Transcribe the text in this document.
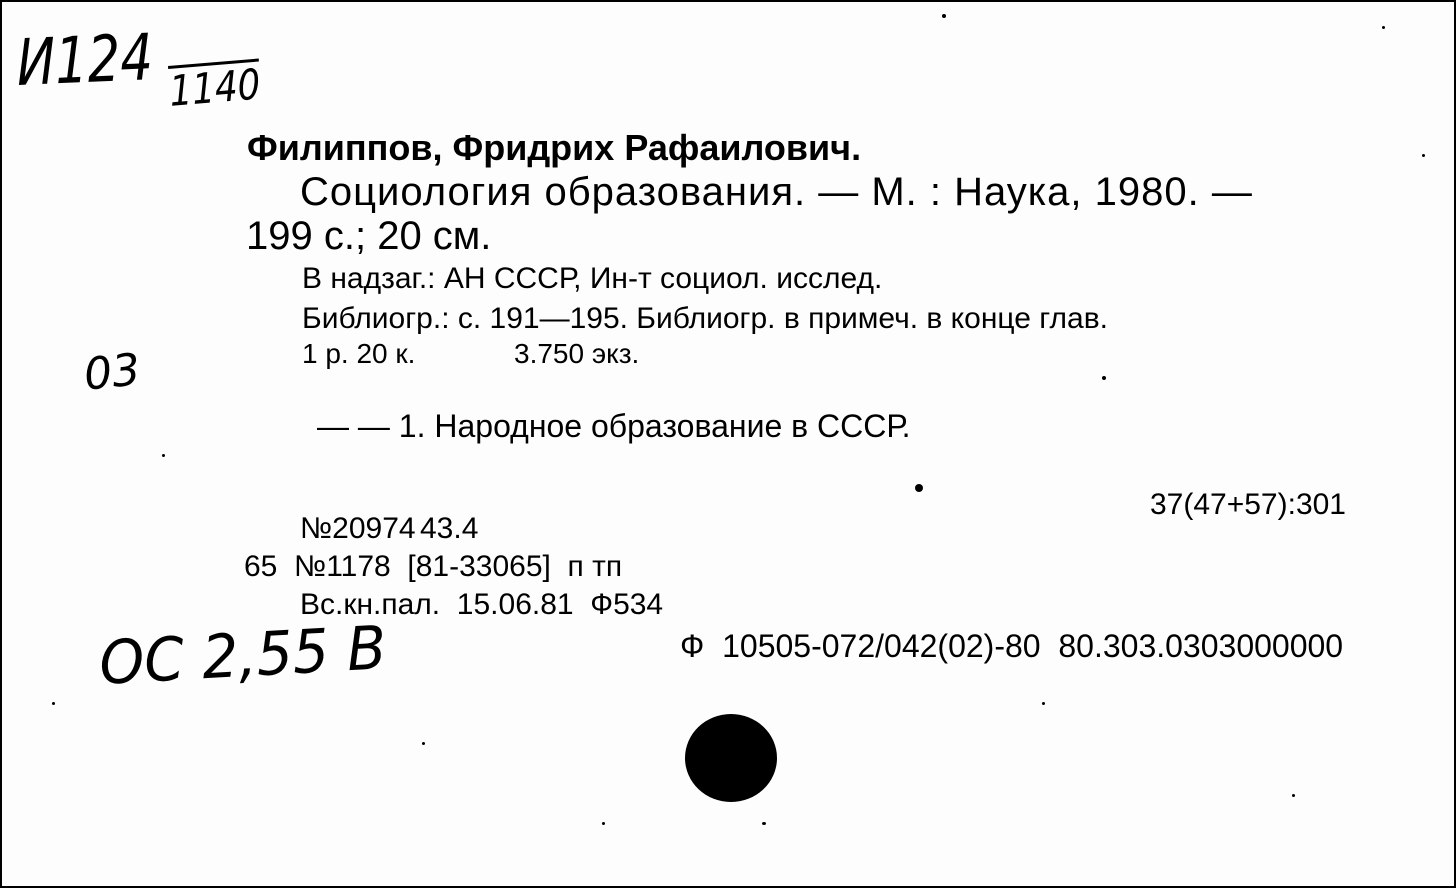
И124 1140
03
OC 2,55 B
Филиппов, Фридрих Рафаилович.
Социология образования. — М. : Наука, 1980. —
199 с.; 20 см.
В надзаг.: АН СССР, Ин-т социол. исслед.
Библиогр.: с. 191—195. Библиогр. в примеч. в конце глав.
1 р. 20 к.	3.750 экз.
— — 1. Народное образование в СССР.
37(47+57):301
№20974 43.4
65  №1178  [81-33065]  п тп
Вс.кн.пал.  15.06.81  Ф534
Ф  10505-072/042(02)-80  80.303.0303000000
